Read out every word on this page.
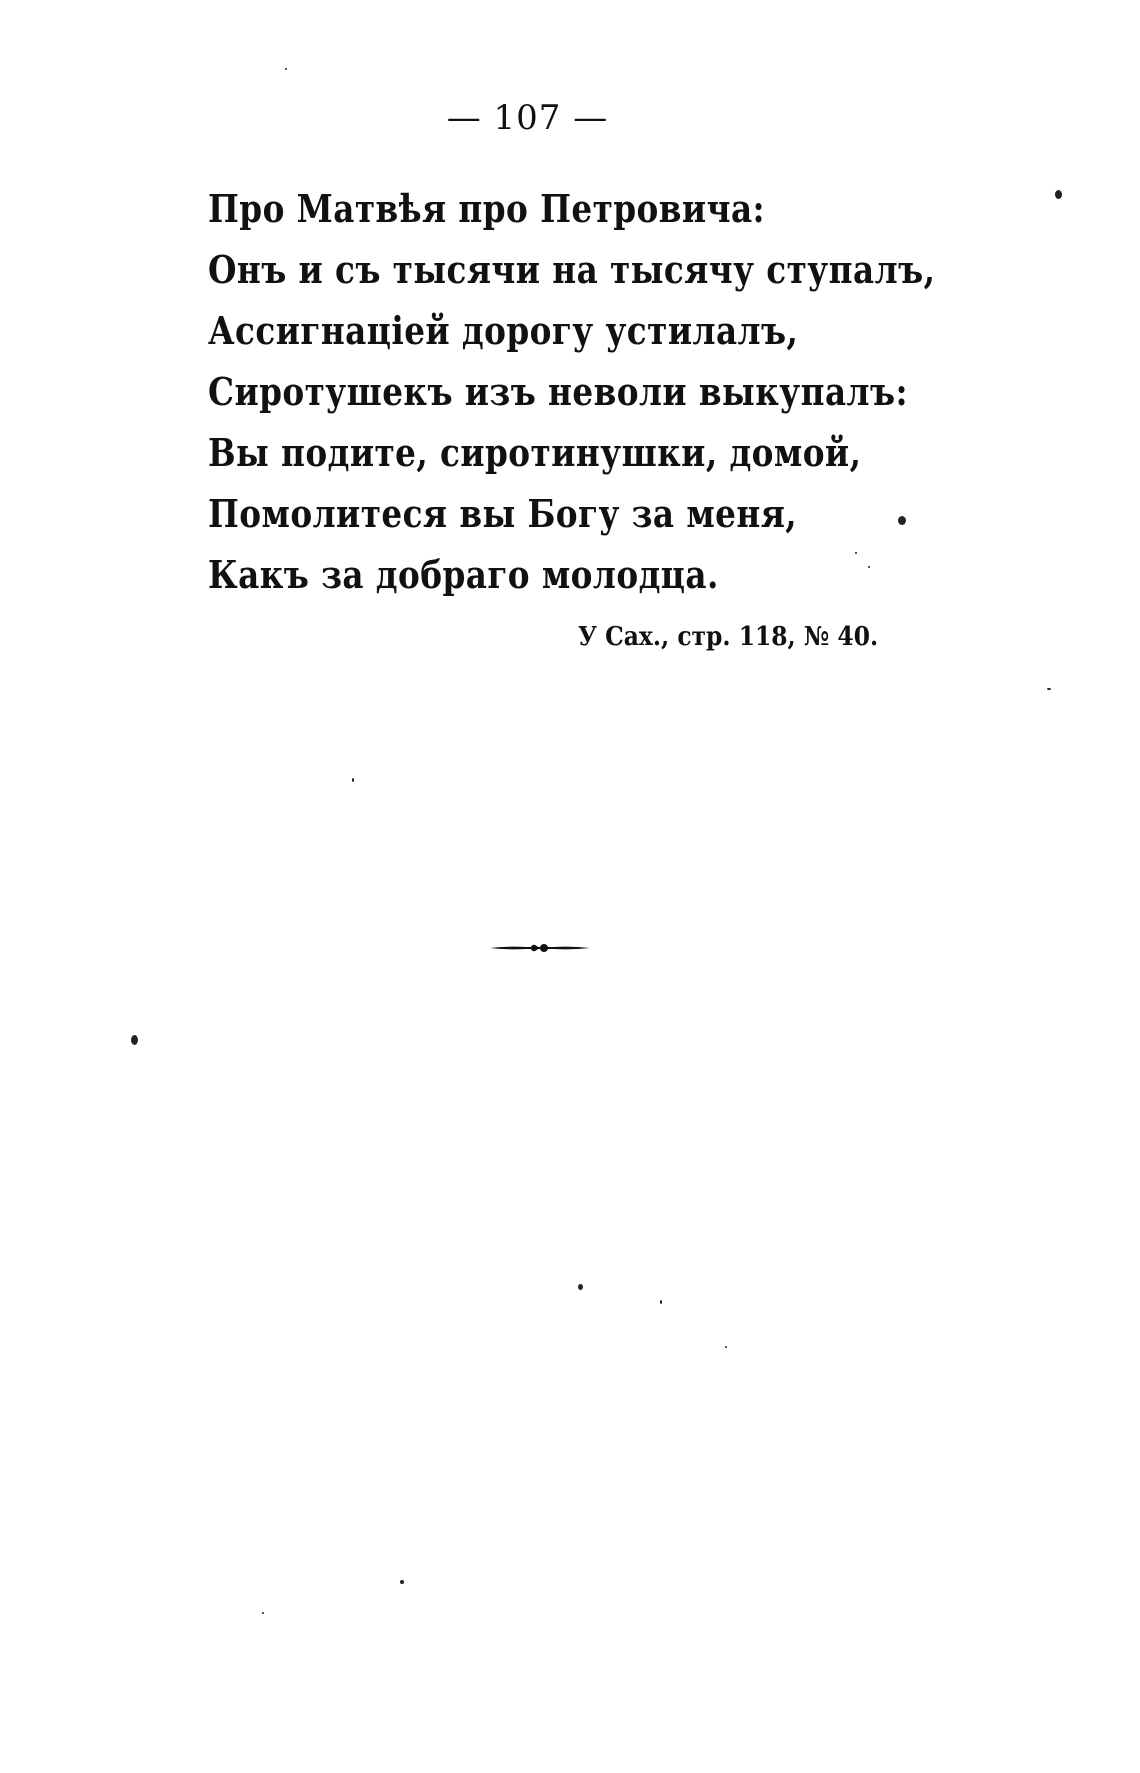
— 107 —
Про Матвѣя про Петровича:
Онъ и съ тысячи на тысячу ступалъ,
Ассигнаціей дорогу устилалъ,
Сиротушекъ изъ неволи выкупалъ:
Вы подите, сиротинушки, домой,
Помолитеся вы Богу за меня,
Какъ за добраго молодца.
У Сах., стр. 118, № 40.
